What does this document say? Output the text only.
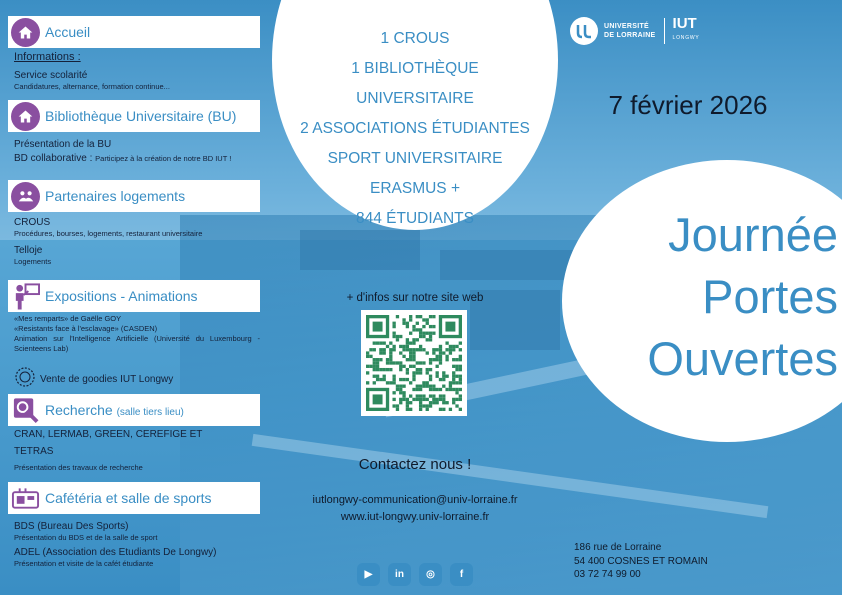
Accueil
Informations :
Service scolarité
Candidatures, alternance, formation continue...
Bibliothèque Universitaire (BU)
Présentation de la BU
BD collaborative : Participez à la création de notre BD IUT !
Partenaires logements
CROUS
Procédures, bourses, logements, restaurant universitaire
Telloje
Logements
Expositions - Animations
«Mes remparts» de Gaëlle GOY
«Resistants face à l'esclavage» (CASDEN)
Animation sur l'Intelligence Artificielle (Université du Luxembourg -Scienteens Lab)
Vente de goodies IUT Longwy
Recherche (salle tiers lieu)
CRAN, LERMAB, GREEN, CEREFIGE ET
TETRAS
Présentation des travaux de recherche
Cafétéria et salle de sports
BDS (Bureau Des Sports)
Présentation du BDS et de la salle de sport
ADEL (Association des Etudiants De Longwy)
Présentation et visite de la cafét étudiante
1 CROUS
1 BIBLIOTHÈQUE
UNIVERSITAIRE
2 ASSOCIATIONS ÉTUDIANTES
SPORT UNIVERSITAIRE
ERASMUS +
844 ÉTUDIANTS
+ d'infos sur notre site web
Contactez nous !
iutlongwy-communication@univ-lorraine.fr
www.iut-longwy.univ-lorraine.fr
▶	in	◎	f
UNIVERSITÉ
DE LORRAINE
IUT
LONGWY
7 février 2026
Journée
Portes
Ouvertes
186 rue de Lorraine
54 400 COSNES ET ROMAIN
03 72 74 99 00
